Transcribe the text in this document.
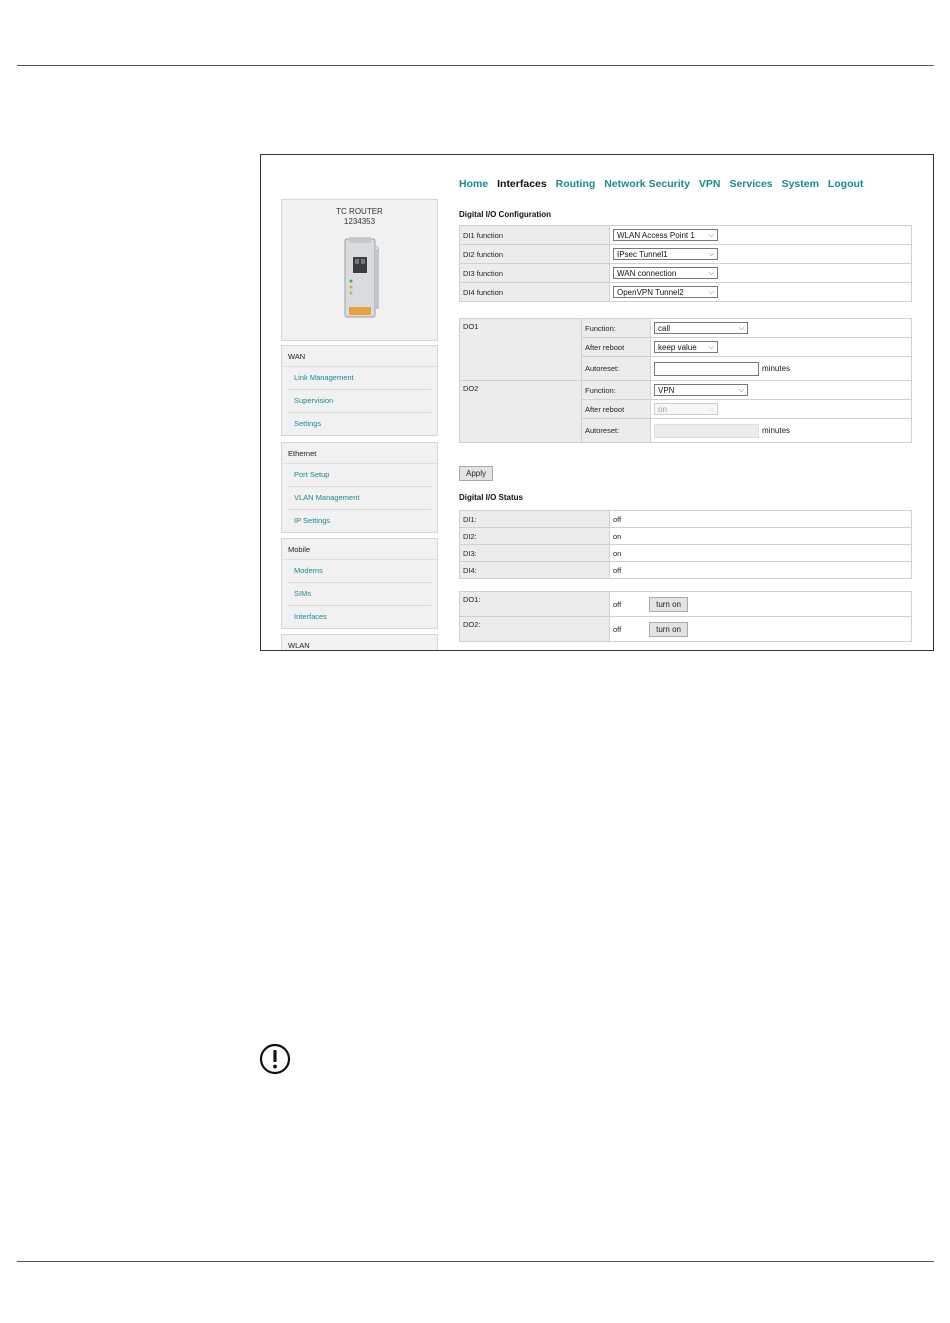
TC ROUTER
1234353
WAN
Link Management
Supervision
Settings
Ethernet
Port Setup
VLAN Management
IP Settings
Mobile
Modems
SIMs
Interfaces
WLAN
Home Interfaces Routing Network Security VPN Services System Logout
Digital I/O Configuration
DI1 function	WLAN Access Point 1 ⌵

DI2 function	IPsec Tunnel1 ⌵

DI3 function	WAN connection ⌵

DI4 function	OpenVPN Tunnel2 ⌵
DO1	Function:	call ⌵

	After reboot	keep value ⌵

	Autoreset:	minutes
DO2	Function:	VPN ⌵

	After reboot	on ⌵

	Autoreset:	minutes
Apply
Digital I/O Status
DI1:	off
DI2:	on
DI3:	on
DI4:	off
DO1:	off turn on
DO2:	off turn on
